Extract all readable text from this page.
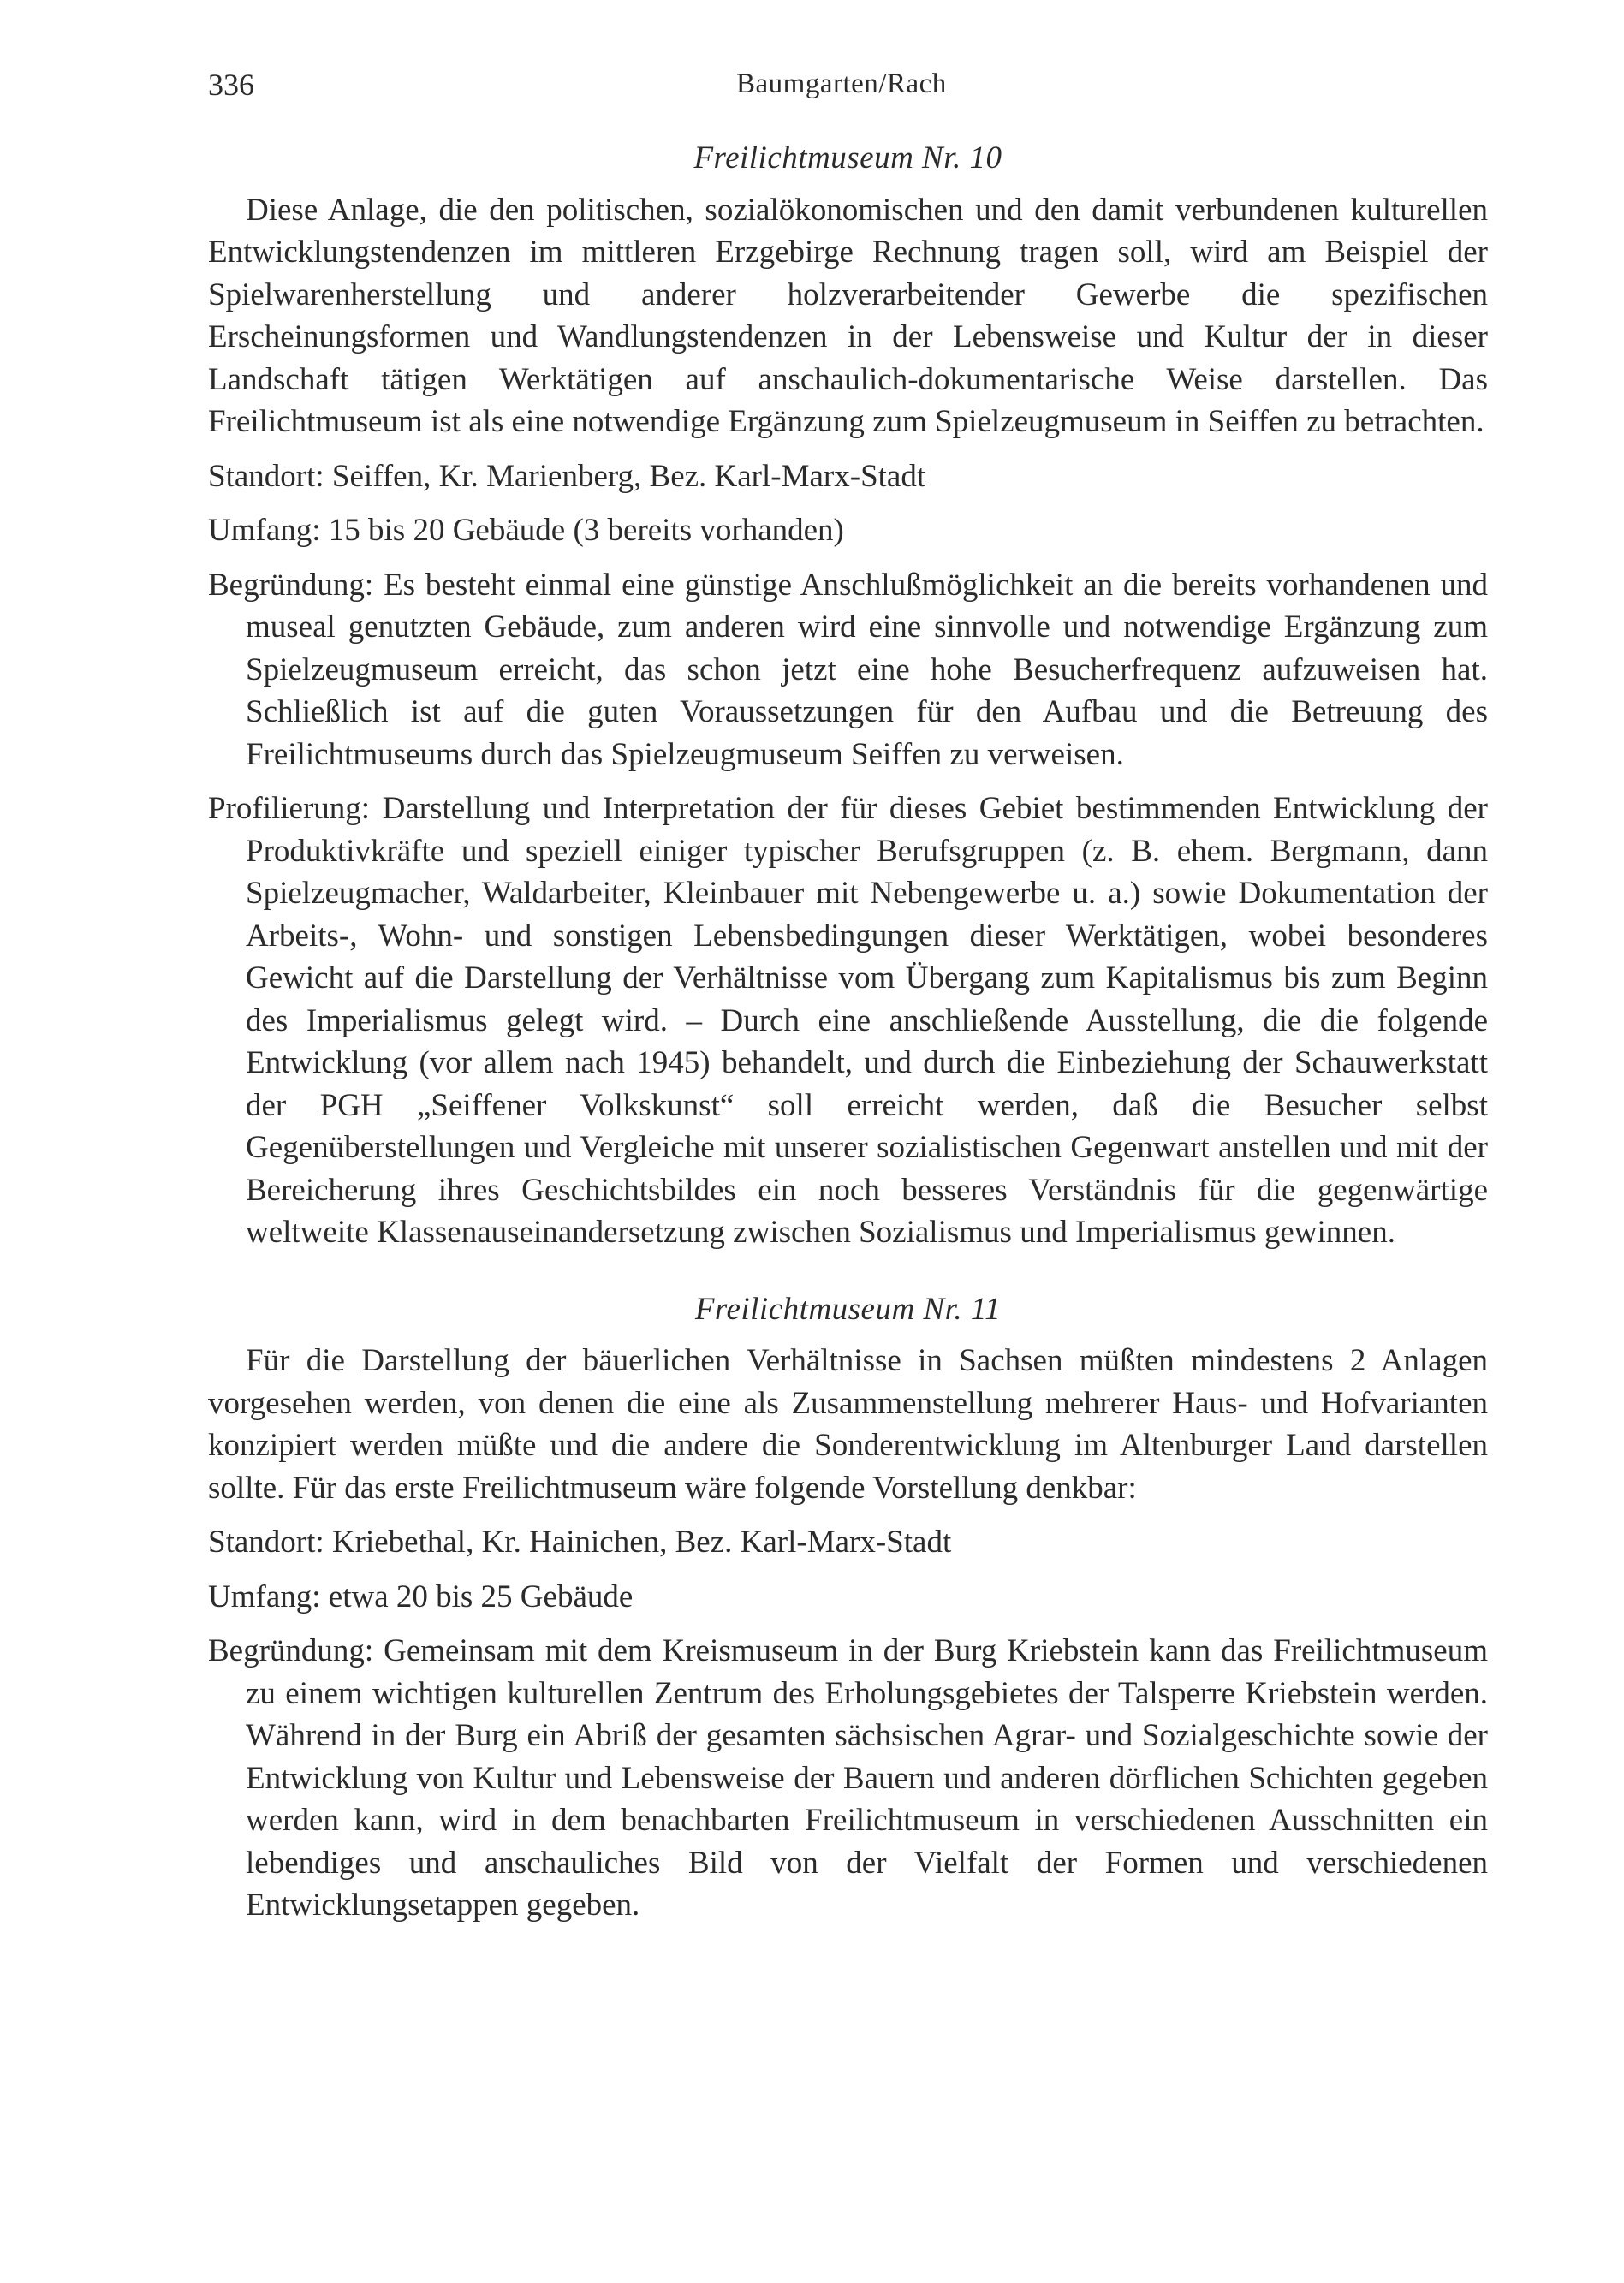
336	Baumgarten/Rach

Freilichtmuseum Nr. 10

Diese Anlage, die den politischen, sozialökonomischen und den damit verbundenen kulturellen Entwicklungstendenzen im mittleren Erzgebirge Rechnung tragen soll, wird am Beispiel der Spielwarenherstellung und anderer holzverarbeitender Gewerbe die spezifischen Erscheinungsformen und Wandlungstendenzen in der Lebensweise und Kultur der in dieser Landschaft tätigen Werktätigen auf anschaulich-dokumentarische Weise darstellen. Das Freilichtmuseum ist als eine notwendige Ergänzung zum Spielzeugmuseum in Seiffen zu betrachten.

Standort: Seiffen, Kr. Marienberg, Bez. Karl-Marx-Stadt

Umfang: 15 bis 20 Gebäude (3 bereits vorhanden)

Begründung: Es besteht einmal eine günstige Anschlußmöglichkeit an die bereits vorhandenen und museal genutzten Gebäude, zum anderen wird eine sinnvolle und notwendige Ergänzung zum Spielzeugmuseum erreicht, das schon jetzt eine hohe Besucherfrequenz aufzuweisen hat. Schließlich ist auf die guten Voraussetzungen für den Aufbau und die Betreuung des Freilichtmuseums durch das Spielzeugmuseum Seiffen zu verweisen.

Profilierung: Darstellung und Interpretation der für dieses Gebiet bestimmenden Entwicklung der Produktivkräfte und speziell einiger typischer Berufsgruppen (z. B. ehem. Bergmann, dann Spielzeugmacher, Waldarbeiter, Kleinbauer mit Nebengewerbe u. a.) sowie Dokumentation der Arbeits-, Wohn- und sonstigen Lebensbedingungen dieser Werktätigen, wobei besonderes Gewicht auf die Darstellung der Verhältnisse vom Übergang zum Kapitalismus bis zum Beginn des Imperialismus gelegt wird. – Durch eine anschließende Ausstellung, die die folgende Entwicklung (vor allem nach 1945) behandelt, und durch die Einbeziehung der Schauwerkstatt der PGH „Seiffener Volkskunst“ soll erreicht werden, daß die Besucher selbst Gegenüberstellungen und Vergleiche mit unserer sozialistischen Gegenwart anstellen und mit der Bereicherung ihres Geschichtsbildes ein noch besseres Verständnis für die gegenwärtige weltweite Klassenauseinandersetzung zwischen Sozialismus und Imperialismus gewinnen.

Freilichtmuseum Nr. 11

Für die Darstellung der bäuerlichen Verhältnisse in Sachsen müßten mindestens 2 Anlagen vorgesehen werden, von denen die eine als Zusammenstellung mehrerer Haus- und Hofvarianten konzipiert werden müßte und die andere die Sonderentwicklung im Altenburger Land darstellen sollte. Für das erste Freilichtmuseum wäre folgende Vorstellung denkbar:

Standort: Kriebethal, Kr. Hainichen, Bez. Karl-Marx-Stadt

Umfang: etwa 20 bis 25 Gebäude

Begründung: Gemeinsam mit dem Kreismuseum in der Burg Kriebstein kann das Freilichtmuseum zu einem wichtigen kulturellen Zentrum des Erholungsgebietes der Talsperre Kriebstein werden. Während in der Burg ein Abriß der gesamten sächsischen Agrar- und Sozialgeschichte sowie der Entwicklung von Kultur und Lebensweise der Bauern und anderen dörflichen Schichten gegeben werden kann, wird in dem benachbarten Freilichtmuseum in verschiedenen Ausschnitten ein lebendiges und anschauliches Bild von der Vielfalt der Formen und verschiedenen Entwicklungsetappen gegeben.
